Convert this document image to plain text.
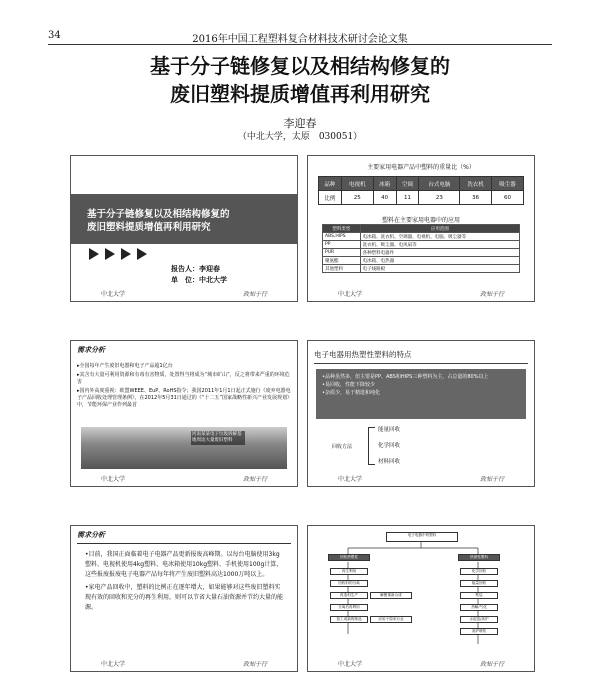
34	2016年中国工程塑料复合材料技术研讨会论文集
基于分子链修复以及相结构修复的
废旧塑料提质增值再利用研究
李迎春
（中北大学，太原　030051）
基于分子链修复以及相结构修复的
废旧塑料提质增值再利用研究
报告人：李迎春
单　位：中北大学
中北大学	致知于行
主要家用电器产品中塑料的重量比（%）
品种	电视机	冰箱	空调	台式电脑	洗衣机	吸尘器
比例	25	40	11	23	36	60
塑料在主要家用电器中的应用
塑料类型	应用范围
ABS,HIPS	电冰箱、洗衣机、空调器、电视机、电脑、吸尘器等
PP	洗衣机、吸尘器、电风扇等
PUR	各种塑料电器件
聚氨酯	电冰箱、电热器
其他塑料	电子线路板
中北大学	致知于行
需求分析
▸ 全国每年产生废旧电器和电子产品超1亿台
▸ 其含有大量可利用资源和有毒有害物质，处置得当将成为“城市矿山”，反之将带来严重的环境危害
▸ 国内外高度重视：欧盟WEEE、EuP、RoHS指令；我国2011年1月1日起正式施行《废弃电器电子产品回收处理管理条例》，在2012年5月31日通过的《“十二五”国家战略性新兴产业发展规划》中，节能环保产业作列最首
河南某某电子垃圾拆解基地周边大量废旧塑料
中北大学	致知于行
电子电器用热塑性塑料的特点
• 品种虽然多，但主要是PP、ABS和HIPS三种塑料为主，占总量的80%以上
• 易回收，性能下降较少
• 杂质少，易于精选和纯化
回收方法
能量回收
化学回收
材料回收
中北大学	致知于行
需求分析
• 目前，我国正面临着电子电器产品更新报废高峰期。以每台电脑使用3kg塑料、电视机使用4kg塑料、电冰箱使用10kg塑料、手机使用100g计算，这些报废报废电子电器产品每年将产生废旧塑料高达1000万吨以上。
• 家电产品回收中，塑料的比例正在逐年增大，如果能够对这些废旧塑料实现有效的回收和充分的再生利用，则可以节省大量石油资源并节约大量的能源。
中北大学	致知于行
电子电器中的塑料
回收热塑性	热固性塑料
再生利用
回收料的分离
化学回收
能量回收
再造料生产	解聚重新合成	焚烧
分离后再利用
加工成新的制品	应用于原来行业
热解/气化
水泥窑/高炉
高炉喷吹
中北大学	致知于行
